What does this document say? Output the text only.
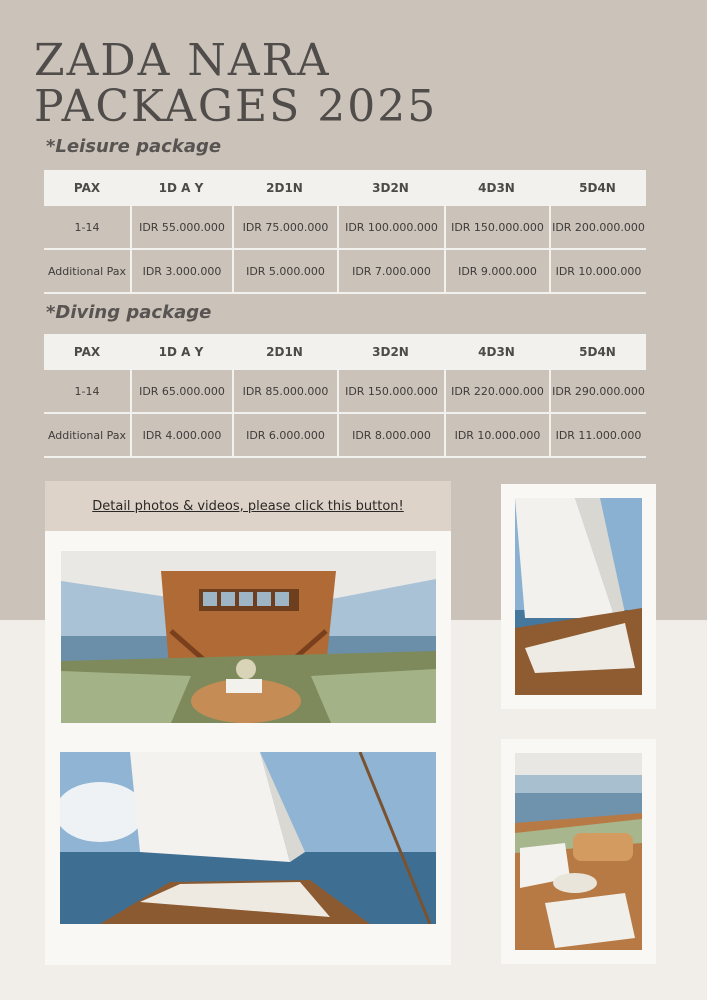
ZADA NARA
PACKAGES 2025
*Leisure package
PAX	1D A Y	2D1N	3D2N	4D3N	5D4N
1-14	IDR 55.000.000	IDR 75.000.000	IDR 100.000.000	IDR 150.000.000	IDR 200.000.000
Additional Pax	IDR 3.000.000	IDR 5.000.000	IDR 7.000.000	IDR 9.000.000	IDR 10.000.000
*Diving package
PAX	1D A Y	2D1N	3D2N	4D3N	5D4N
1-14	IDR 65.000.000	IDR 85.000.000	IDR 150.000.000	IDR 220.000.000	IDR 290.000.000
Additional Pax	IDR 4.000.000	IDR 6.000.000	IDR 8.000.000	IDR 10.000.000	IDR 11.000.000
Detail photos & videos, please click this button!
